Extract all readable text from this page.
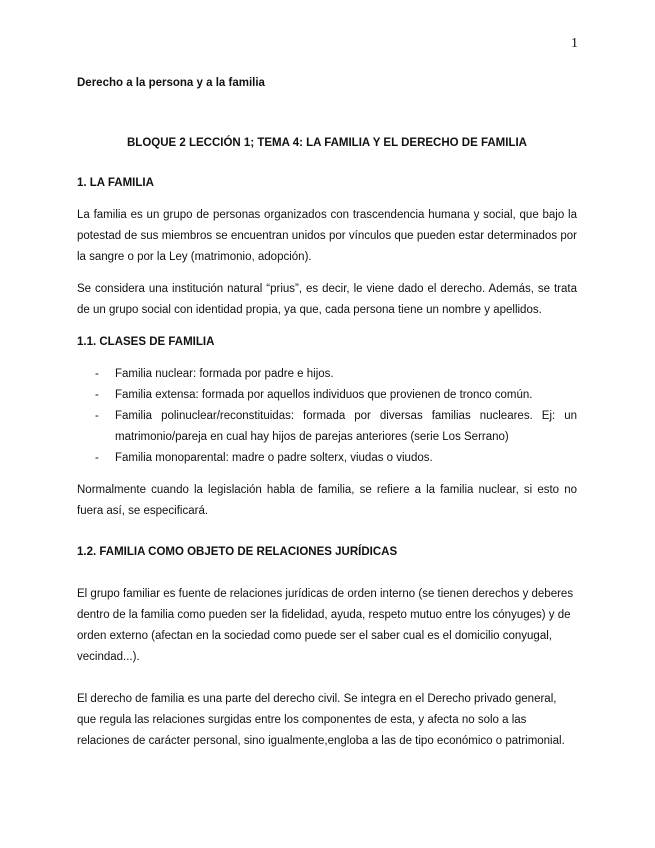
1
Derecho a la persona y a la familia
BLOQUE 2 LECCIÓN 1; TEMA 4: LA FAMILIA Y EL DERECHO DE FAMILIA
1. LA FAMILIA

La familia es un grupo de personas organizados con trascendencia humana y social, que bajo la potestad de sus miembros se encuentran unidos por vínculos que pueden estar determinados por la sangre o por la Ley (matrimonio, adopción).

Se considera una institución natural “prius”, es decir, le viene dado el derecho. Además, se trata de un grupo social con identidad propia, ya que, cada persona tiene un nombre y apellidos.

1.1. CLASES DE FAMILIA
- Familia nuclear: formada por padre e hijos.
- Familia extensa: formada por aquellos individuos que provienen de tronco común.
- Familia polinuclear/reconstituidas: formada por diversas familias nucleares. Ej: un matrimonio/pareja en cual hay hijos de parejas anteriores (serie Los Serrano)
- Familia monoparental: madre o padre solterx, viudas o viudos.

Normalmente cuando la legislación habla de familia, se refiere a la familia nuclear, si esto no fuera así, se especificará.

1.2. FAMILIA COMO OBJETO DE RELACIONES JURÍDICAS

El grupo familiar es fuente de relaciones jurídicas de orden interno (se tienen derechos y deberes dentro de la familia como pueden ser la fidelidad, ayuda, respeto mutuo entre los cónyuges) y de orden externo (afectan en la sociedad como puede ser el saber cual es el domicilio conyugal, vecindad...).

El derecho de familia es una parte del derecho civil. Se integra en el Derecho privado general, que regula las relaciones surgidas entre los componentes de esta, y afecta no solo a las relaciones de carácter personal, sino igualmente,engloba a las de tipo económico o patrimonial.
